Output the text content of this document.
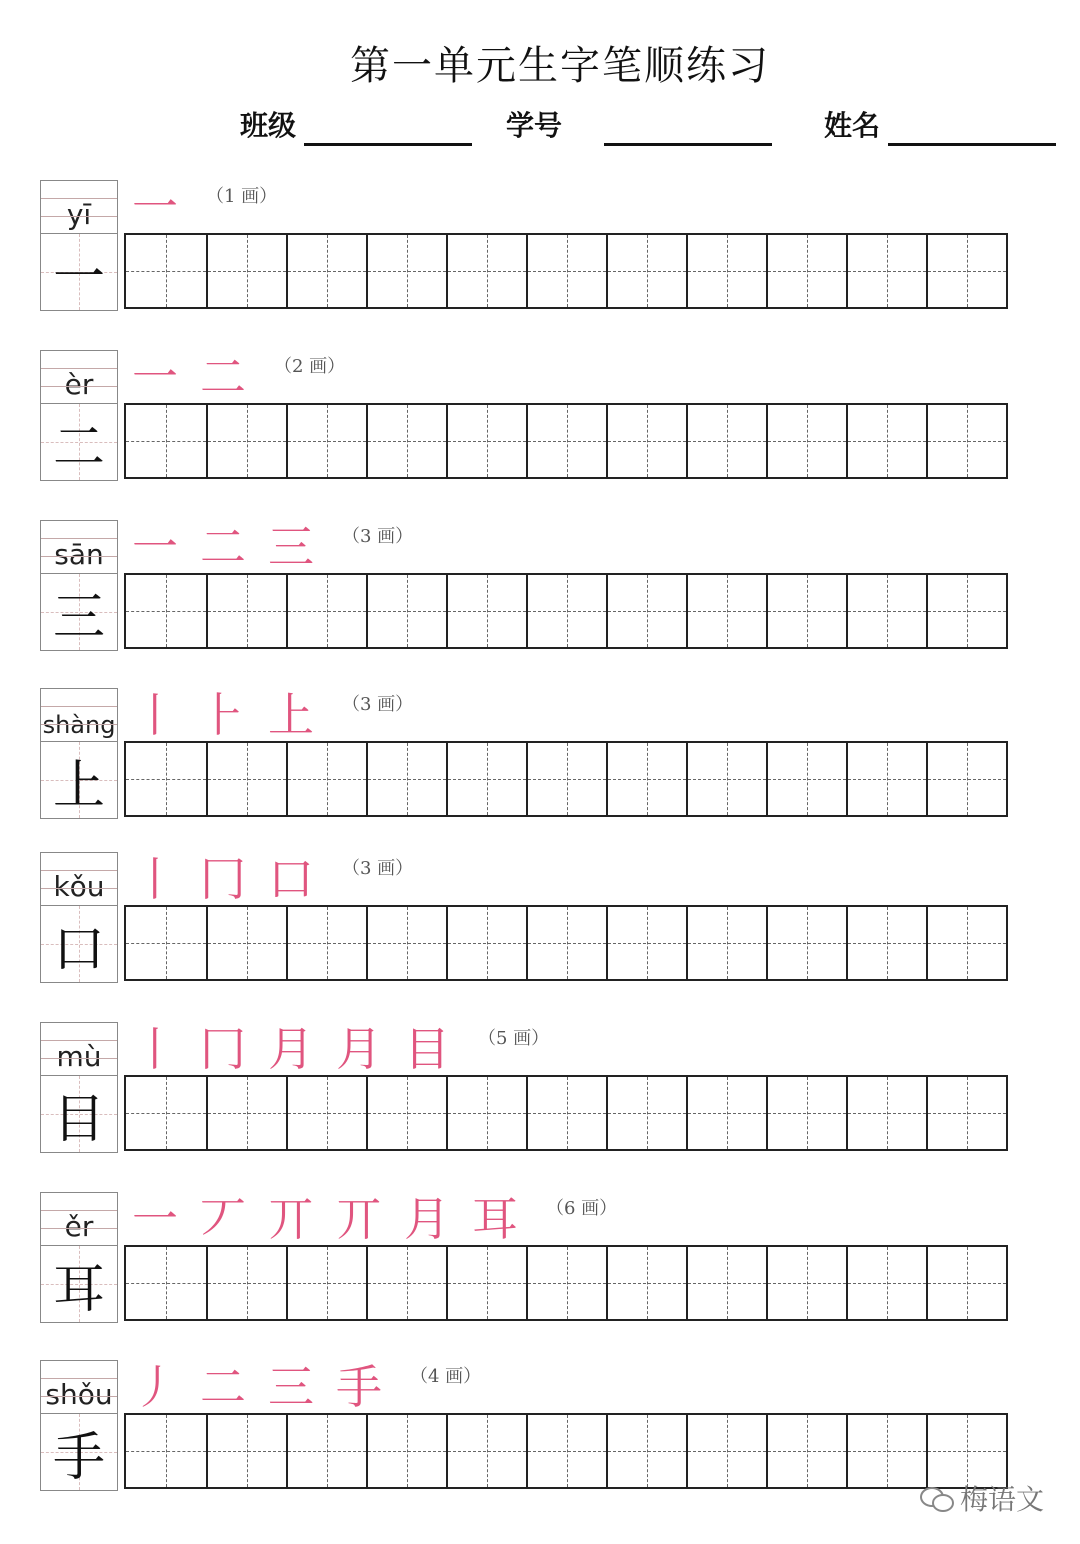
第一单元生字笔顺练习
班级	学号	姓名
yī
一
一 （1 画）
èr
二
一 二 （2 画）
sān
三
一 二 三 （3 画）
shàng
上
丨 ⺊ 上 （3 画）
kǒu
口
丨 冂 口 （3 画）
mù
目
丨 冂 月 月 目 （5 画）
ěr
耳
一 丆 丌 丌 月 耳 （6 画）
shǒu
手
丿 二 三 手 （4 画）
梅语文
